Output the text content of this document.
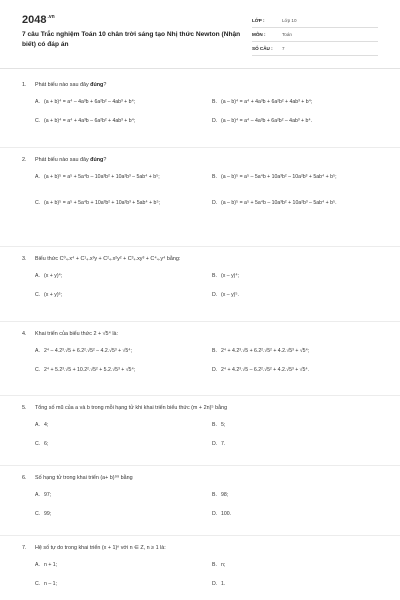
$2048^{.vn}$
7 câu Trắc nghiệm Toán 10 chân trời sáng tạo Nhị thức Newton (Nhận biết) có đáp án
LỚP :	Lớp 10
MÔN :	Toán
SỐ CÂU :	7
1. Phát biểu nào sau đây đúng?
A. (a + b)⁴ = a⁴ – 4a³b + 6a²b² – 4ab³ + b⁴;	B. (a – b)⁴ = a⁴ + 4a³b + 6a²b² + 4ab³ + b⁴;
C. (a + b)⁴ = a⁴ + 4a³b – 6a²b² + 4ab³ + b⁴;	D. (a – b)⁴ = a⁴ – 4a³b + 6a²b² – 4ab³ + b⁴.
2. Phát biểu nào sau đây đúng?
A. (a + b)⁵ = a⁵ + 5a⁴b – 10a³b² + 10a²b³ – 5ab⁴ + b⁵;	B. (a – b)⁵ = a⁵ – 5a⁴b + 10a³b² – 10a²b³ + 5ab⁴ + b⁵;
C. (a + b)⁵ = a⁵ + 5a⁴b + 10a³b² + 10a²b³ + 5ab⁴ + b⁵;	D. (a – b)⁵ = a⁵ + 5a⁴b – 10a³b² + 10a²b³ – 5ab⁴ + b⁵.
3. Biểu thức C⁰₄.x⁴ + C¹₄.x³y + C²₄.x²y² + C³₄.xy³ + C⁴₄.y⁴ bằng:
A. (x + y)⁴;	B. (x – y)⁴;
C. (x + y)⁶;	D. (x – y)⁵.
4. Khai triển của biểu thức 2 + √5⁴ là:
A. 2⁴ – 4.2³.√5 + 6.2².√5² – 4.2.√5³ + √5⁴;	B. 2⁴ + 4.2³.√5 + 6.2².√5² + 4.2.√5³ + √5⁴;
C. 2⁴ + 5.2³.√5 + 10.2².√5² + 5.2.√5³ + √5⁴;	D. 2⁴ + 4.2³.√5 – 6.2².√5² + 4.2.√5³ + √5⁴.
5. Tổng số mũ của a và b trong mỗi hạng tử khi khai triển biểu thức (m + 2n)⁵ bằng
A. 4;	B. 5;
C. 6;	D. 7.
6. Số hạng tử trong khai triển (a+ b)⁹⁹ bằng
A. 97;	B. 98;
C. 99;	D. 100.
7. Hệ số tự do trong khai triển (x + 1)ⁿ với n ∈ Z, n ≥ 1 là:
A. n + 1;	B. n;
C. n – 1;	D. 1.
